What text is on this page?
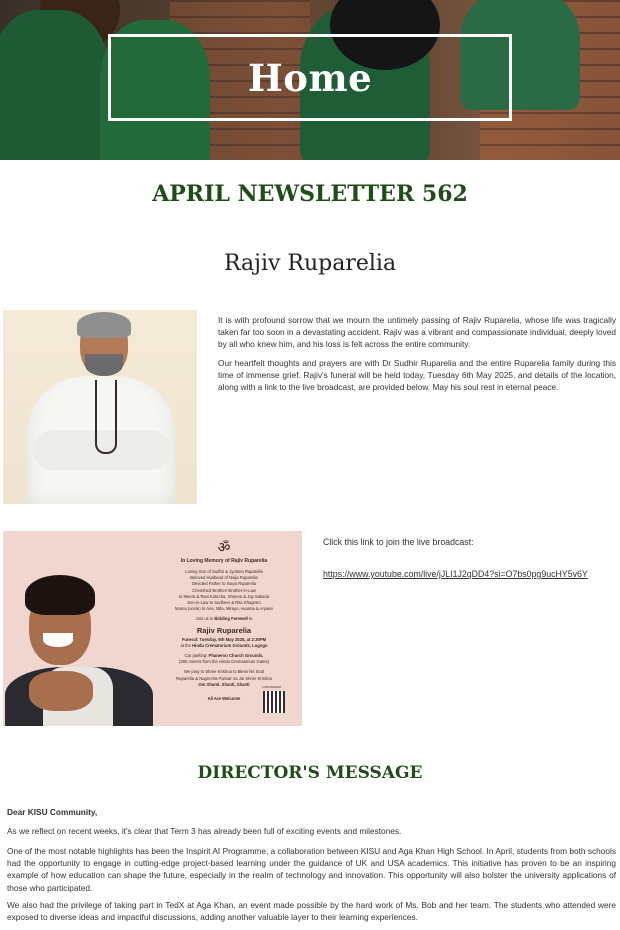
Home
APRIL NEWSLETTER 562
Rajiv Ruparelia

It is with profound sorrow that we mourn the untimely passing of Rajiv Ruparelia, whose life was tragically taken far too soon in a devastating accident. Rajiv was a vibrant and compassionate individual, deeply loved by all who knew him, and his loss is felt across the entire community.

Our heartfelt thoughts and prayers are with Dr Sudhir Ruparelia and the entire Ruparelia family during this time of immense grief. Rajiv's funeral will be held today, Tuesday 6th May 2025, and details of the location, along with a link to the live broadcast, are provided below. May his soul rest in eternal peace.

ॐ
In Loving Memory of Rajiv Ruparelia
Loving Son of Sudhir & Jyotsna Ruparelia
Beloved Husband of Naija Ruparelia
Devoted Father to Inaya Ruparelia
Cherished Brother/ Brother-in-Law
to Meera & Ravi Kotecha, Sheena & Jay Sakaria
Son-in-Law to Sudheer & Rita Khagram
Mama (uncle) to Arie, Mila, Mirayo, Avanna & Aryaan
Join us in Bidding Farewell to
Rajiv Ruparelia
Funeral: Tuesday, 6th May 2025, at 2:30PM
at the Hindu Crematorium Grounds, Lugogo
Car parking: Phaneroo Church Grounds,
(300 meters from the Hindu Crematorium Gates)
We pray to Shree Krishna to Bless his Soul
Ruparelia & Nagrecha Parivar na Jai Shree Krishna
Om Shanti, Shanti, Shanti
All Are Welcome
LIVESTREAM
Click this link to join the live broadcast:
https://www.youtube.com/live/jJLI1J2qDD4?si=O7bs0pg9ucHY5v6Y
DIRECTOR'S MESSAGE
Dear KISU Community,
As we reflect on recent weeks, it's clear that Term 3 has already been full of exciting events and milestones.
One of the most notable highlights has been the Inspirit AI Programme, a collaboration between KISU and Aga Khan High School. In April, students from both schools had the opportunity to engage in cutting-edge project-based learning under the guidance of UK and USA academics. This initiative has proven to be an inspiring example of how education can shape the future, especially in the realm of technology and innovation. This opportunity will also bolster the university applications of those who participated.
We also had the privilege of taking part in TedX at Aga Khan, an event made possible by the hard work of Ms. Bob and her team. The students who attended were exposed to diverse ideas and impactful discussions, adding another valuable layer to their learning experiences.
